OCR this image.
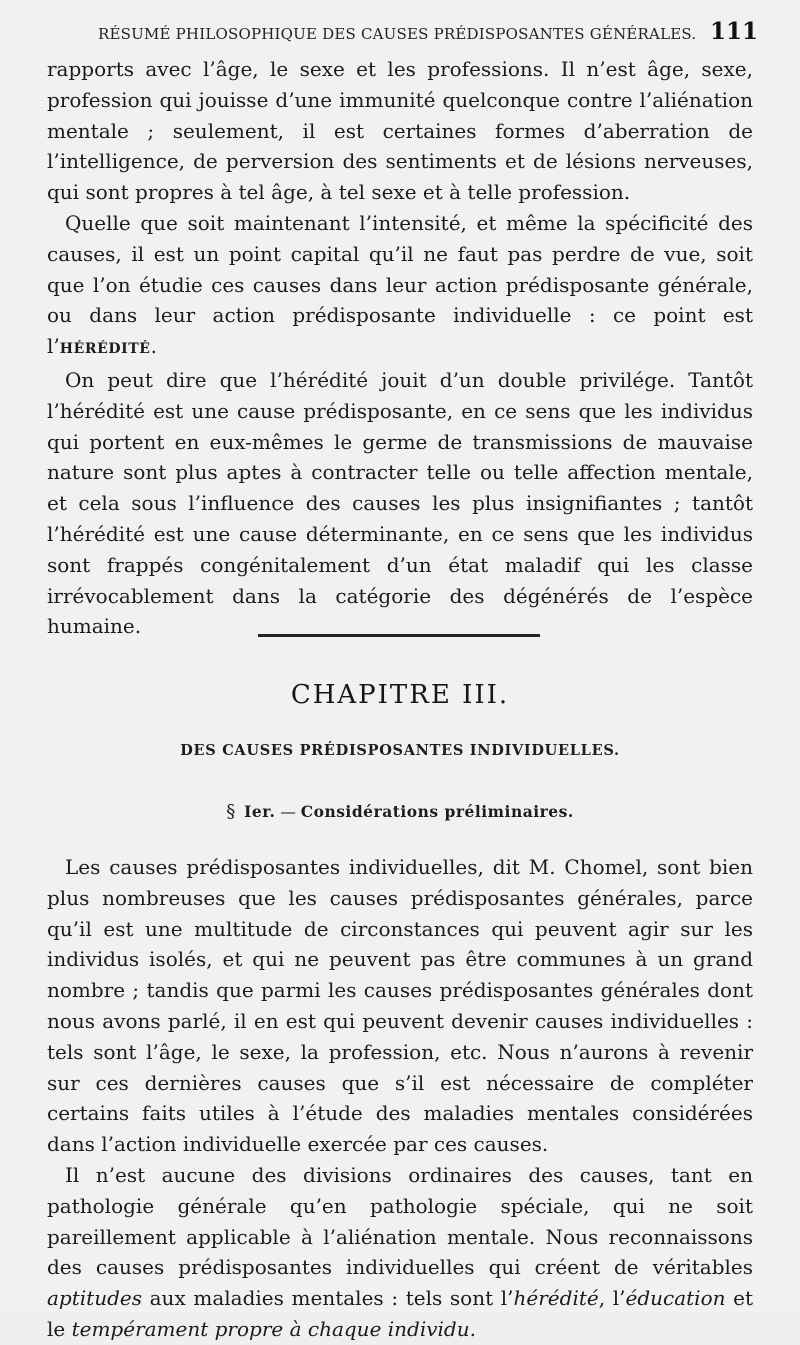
RÉSUMÉ PHILOSOPHIQUE DES CAUSES PRÉDISPOSANTES GÉNÉRALES. 111

rapports avec l’âge, le sexe et les professions. Il n’est âge, sexe, profession qui jouisse d’une immunité quelconque contre l’aliénation mentale ; seulement, il est certaines formes d’aberration de l’intelligence, de perversion des sentiments et de lésions nerveuses, qui sont propres à tel âge, à tel sexe et à telle profession.

Quelle que soit maintenant l’intensité, et même la spécificité des causes, il est un point capital qu’il ne faut pas perdre de vue, soit que l’on étudie ces causes dans leur action prédisposante générale, ou dans leur action prédisposante individuelle : ce point est l’HÉRÉDITÉ.

On peut dire que l’hérédité jouit d’un double privilége. Tantôt l’hérédité est une cause prédisposante, en ce sens que les individus qui portent en eux-mêmes le germe de transmissions de mauvaise nature sont plus aptes à contracter telle ou telle affection mentale, et cela sous l’influence des causes les plus insignifiantes ; tantôt l’hérédité est une cause déterminante, en ce sens que les individus sont frappés congénitalement d’un état maladif qui les classe irrévocablement dans la catégorie des dégénérés de l’espèce humaine.

CHAPITRE III.
DES CAUSES PRÉDISPOSANTES INDIVIDUELLES.
§ Ier. — Considérations préliminaires.

Les causes prédisposantes individuelles, dit M. Chomel, sont bien plus nombreuses que les causes prédisposantes générales, parce qu’il est une multitude de circonstances qui peuvent agir sur les individus isolés, et qui ne peuvent pas être communes à un grand nombre ; tandis que parmi les causes prédisposantes générales dont nous avons parlé, il en est qui peuvent devenir causes individuelles : tels sont l’âge, le sexe, la profession, etc. Nous n’aurons à revenir sur ces dernières causes que s’il est nécessaire de compléter certains faits utiles à l’étude des maladies mentales considérées dans l’action individuelle exercée par ces causes.

Il n’est aucune des divisions ordinaires des causes, tant en pathologie générale qu’en pathologie spéciale, qui ne soit pareillement applicable à l’aliénation mentale. Nous reconnaissons des causes prédisposantes individuelles qui créent de véritables aptitudes aux maladies mentales : tels sont l’hérédité, l’éducation et le tempérament propre à chaque individu.
